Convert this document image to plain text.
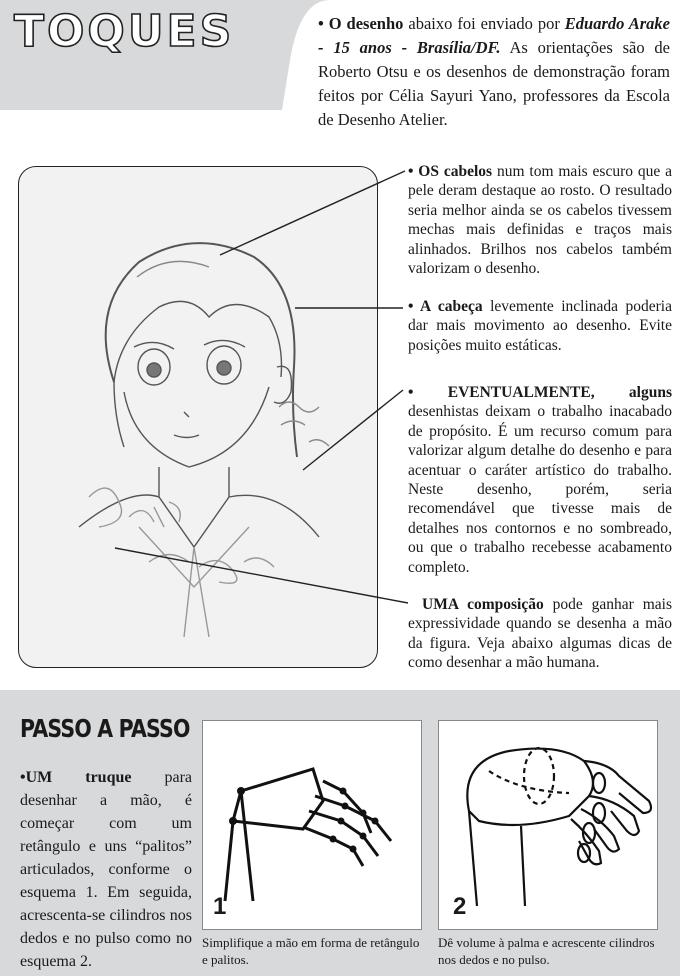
TOQUES	• O desenho abaixo foi enviado por Eduardo Arake - 15 anos - Brasília/DF. As orientações são de Roberto Otsu e os desenhos de demonstração foram feitos por Célia Sayuri Yano, professores da Escola de Desenho Atelier.
• OS cabelos num tom mais escuro que a pele deram destaque ao rosto. O resultado seria melhor ainda se os cabelos tivessem mechas mais definidas e traços mais alinhados. Brilhos nos cabelos também valorizam o desenho.
• A cabeça levemente inclinada poderia dar mais movimento ao desenho. Evite posições muito estáticas.
• EVENTUALMENTE, alguns desenhistas deixam o trabalho inacabado de propósito. É um recurso comum para valorizar algum detalhe do desenho e para acentuar o caráter artístico do trabalho. Neste desenho, porém, seria recomendável que tivesse mais de detalhes nos contornos e no sombreado, ou que o trabalho recebesse acabamento completo.
UMA composição pode ganhar mais expressividade quando se desenha a mão da figura. Veja abaixo algumas dicas de como desenhar a mão humana.
PASSO A PASSO
•UM truque para desenhar a mão, é começar com um retângulo e uns “palitos” articulados, conforme o esquema 1. Em seguida, acrescenta-se cilindros nos dedos e no pulso como no esquema 2.
1
Simplifique a mão em forma de retângulo e palitos.
2
Dê volume à palma e acrescente cilindros nos dedos e no pulso.
